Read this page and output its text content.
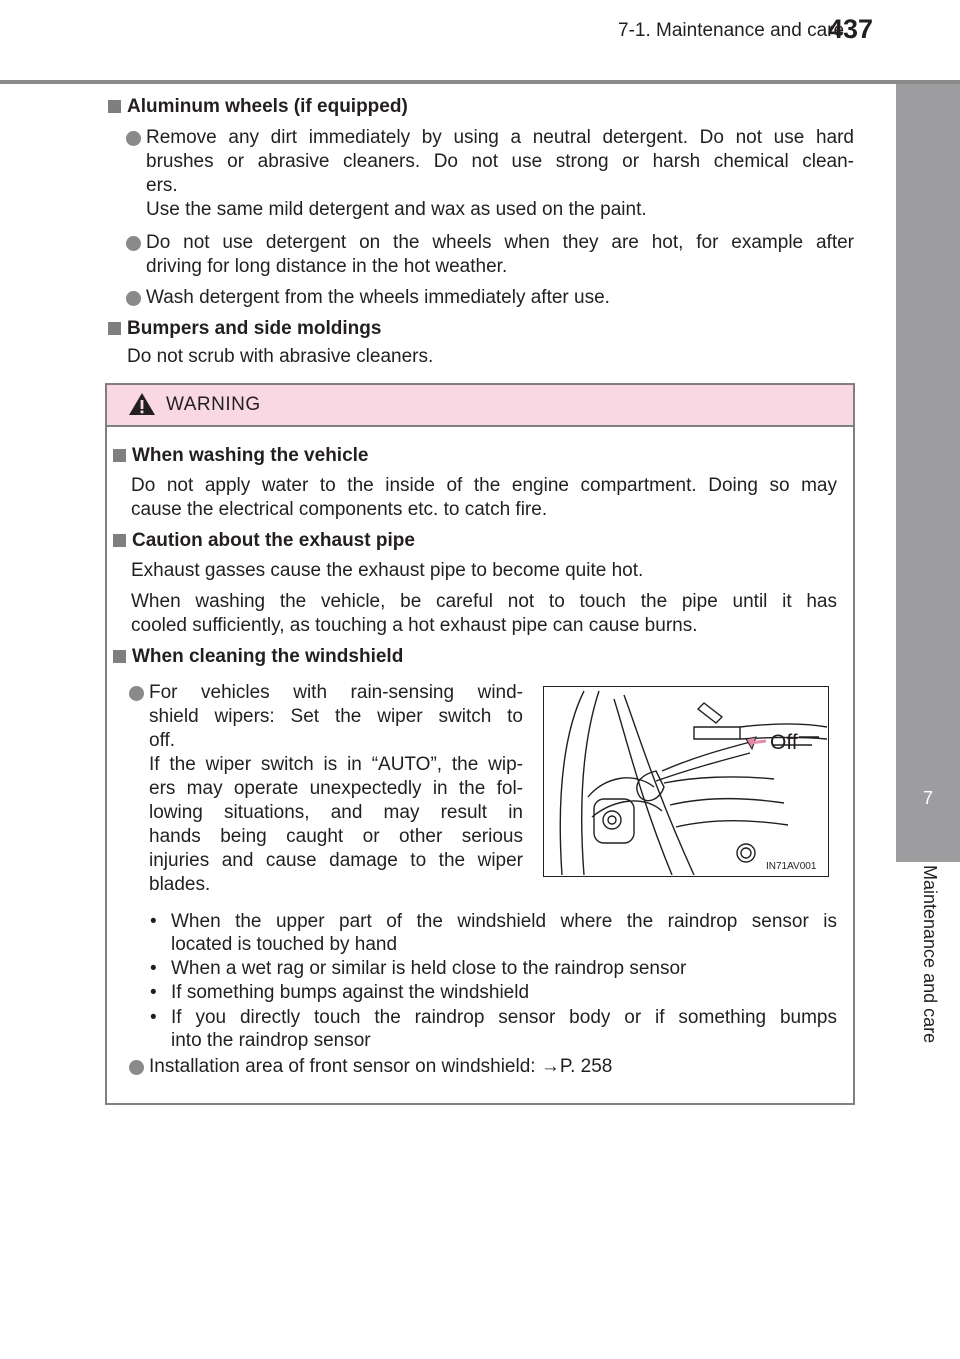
7-1. Maintenance and care
437
7
Maintenance and care
Aluminum wheels (if equipped)
Remove any dirt immediately by using a neutral detergent. Do not use hard
brushes or abrasive cleaners. Do not use strong or harsh chemical clean-
ers.
Use the same mild detergent and wax as used on the paint.
Do not use detergent on the wheels when they are hot, for example after
driving for long distance in the hot weather.
Wash detergent from the wheels immediately after use.
Bumpers and side moldings
Do not scrub with abrasive cleaners.
WARNING
When washing the vehicle
Do not apply water to the inside of the engine compartment. Doing so may
cause the electrical components etc. to catch fire.
Caution about the exhaust pipe
Exhaust gasses cause the exhaust pipe to become quite hot.
When washing the vehicle, be careful not to touch the pipe until it has
cooled sufficiently, as touching a hot exhaust pipe can cause burns.
When cleaning the windshield
For vehicles with rain-sensing wind-
shield wipers: Set the wiper switch to
off.
If the wiper switch is in “AUTO”, the wip-
ers may operate unexpectedly in the fol-
lowing situations, and may result in
hands being caught or other serious
injuries and cause damage to the wiper
blades.
Off
IN71AV001
• When the upper part of the windshield where the raindrop sensor is
located is touched by hand
• When a wet rag or similar is held close to the raindrop sensor
• If something bumps against the windshield
• If you directly touch the raindrop sensor body or if something bumps
into the raindrop sensor
Installation area of front sensor on windshield: →P. 258
